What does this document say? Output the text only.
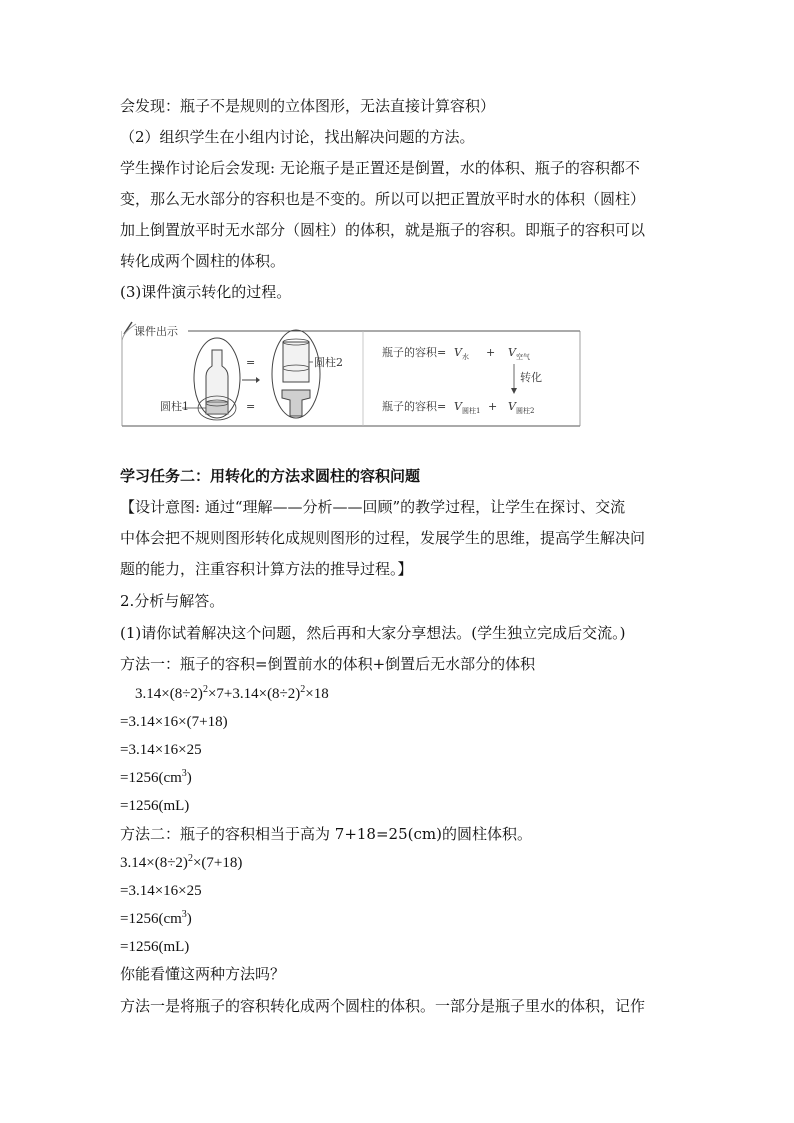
会发现：瓶子不是规则的立体图形，无法直接计算容积）
（2）组织学生在小组内讨论，找出解决问题的方法。
学生操作讨论后会发现: 无论瓶子是正置还是倒置，水的体积、瓶子的容积都不
变，那么无水部分的容积也是不变的。所以可以把正置放平时水的体积（圆柱）
加上倒置放平时无水部分（圆柱）的体积，就是瓶子的容积。即瓶子的容积可以
转化成两个圆柱的体积。
(3)课件演示转化的过程。
课件出示
=
=
圆柱2
圆柱1
瓶子的容积= V 水 + V 空气
转化
瓶子的容积= V 圆柱1 + V 圆柱2
学习任务二：用转化的方法求圆柱的容积问题
【设计意图: 通过“理解——分析——回顾”的教学过程，让学生在探讨、交流
中体会把不规则图形转化成规则图形的过程，发展学生的思维，提高学生解决问
题的能力，注重容积计算方法的推导过程。】
2.分析与解答。
(1)请你试着解决这个问题，然后再和大家分享想法。(学生独立完成后交流。)
方法一：瓶子的容积=倒置前水的体积+倒置后无水部分的体积
$3.14\times(8\div 2)^2\times 7+3.14\times(8\div 2)^2\times 18$
=3.14×16×(7+18)
=3.14×16×25
$=1256(cm^3)$
=1256(mL)
方法二：瓶子的容积相当于高为 7+18=25(cm)的圆柱体积。
$3.14\times(8\div 2)^2\times(7+18)$
=3.14×16×25
$=1256(cm^3)$
=1256(mL)
你能看懂这两种方法吗？
方法一是将瓶子的容积转化成两个圆柱的体积。一部分是瓶子里水的体积，记作
